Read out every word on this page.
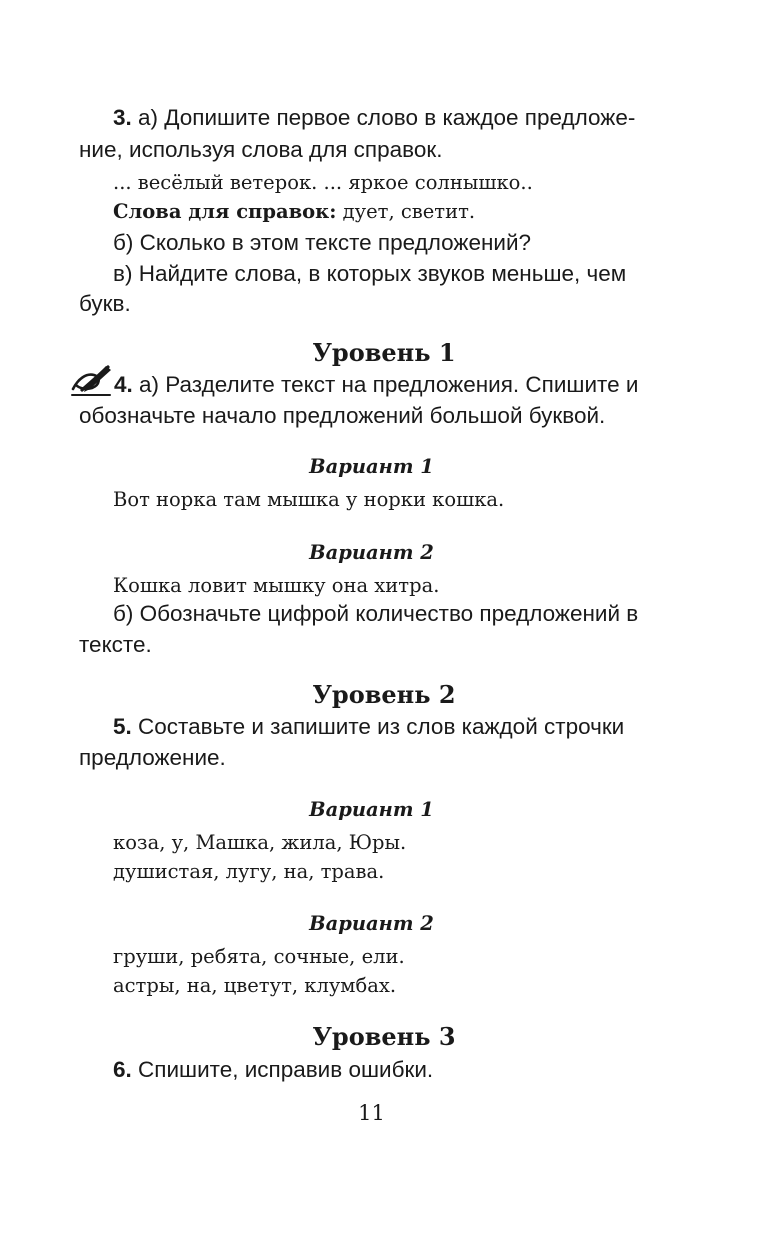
3. а) Допишите первое слово в каждое предложе-
ние, используя слова для справок.
... весёлый ветерок. ... яркое солнышко..
Слова для справок: дует, светит.
б) Сколько в этом тексте предложений?
в) Найдите слова, в которых звуков меньше, чем
букв.
Уровень 1
4. а) Разделите текст на предложения. Спишите и
обозначьте начало предложений большой буквой.
Вариант 1
Вот норка там мышка у норки кошка.
Вариант 2
Кошка ловит мышку она хитра.
б) Обозначьте цифрой количество предложений в
тексте.
Уровень 2
5. Составьте и запишите из слов каждой строчки
предложение.
Вариант 1
коза, у, Машка, жила, Юры.
душистая, лугу, на, трава.
Вариант 2
груши, ребята, сочные, ели.
астры, на, цветут, клумбах.
Уровень 3
6. Спишите, исправив ошибки.
11
